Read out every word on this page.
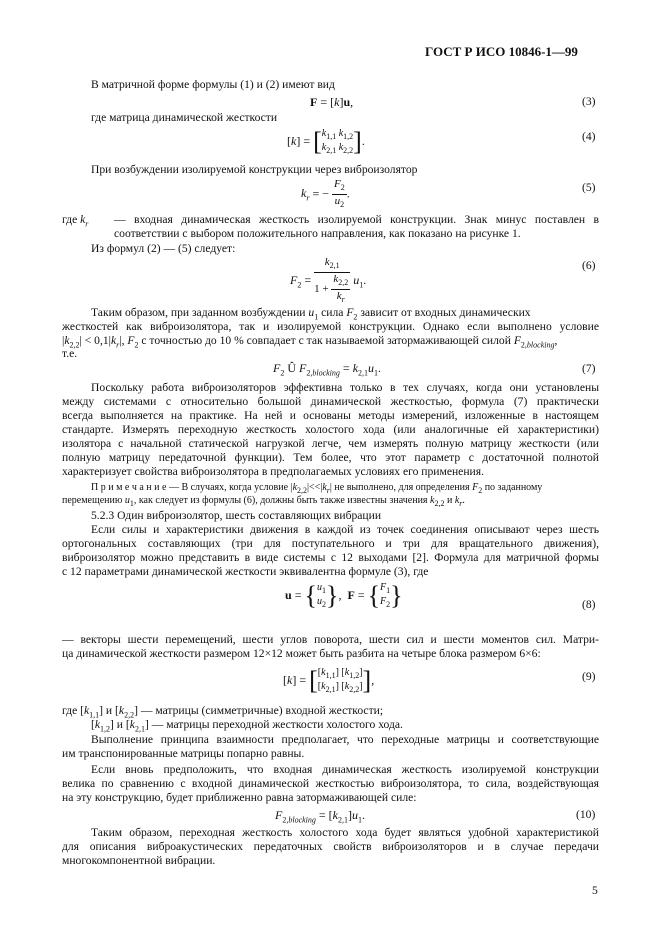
ГОСТ Р ИСО 10846-1—99
В матричной форме формулы (1) и (2) имеют вид
F = [k]u,	(3)
где матрица динамической жесткости
$[k] = [k_{1,1}$ $k_{1,2}$
$k_{2,1}$ $k_{2,2}$].	(4)
При возбуждении изолируемой конструкции через виброизолятор
$k_r$ = − $\frac{F_2}{u_2}$ .	(5)
где $k_r$ — входная динамическая жесткость изолируемой конструкции. Знак минус поставлен в
соответствии с выбором положительного направления, как показано на рисунке 1.
Из формул (2) — (5) следует:
$F_2 = \frac{k_{2,1}}{1 + \frac{k_{2,2}}{k_r}} u_1$.
(6)
Таким образом, при заданном возбуждении $u_1$ сила $F_2$ зависит от входных динамических
жесткостей как виброизолятора, так и изолируемой конструкции. Однако если выполнено условие
$|k_{2,2}| < 0,1|k_r|$, $F_2$ с точностью до 10 % совпадает с так называемой затормаживающей силой $F_{2,blocking}$,
т.е.
$F_2$ Û $F_{2,blocking} = k_{2,1}u_1$.	(7)
Поскольку работа виброизоляторов эффективна только в тех случаях, когда они установлены
между системами с относительно большой динамической жесткостью, формула (7) практически
всегда выполняется на практике. На ней и основаны методы измерений, изложенные в настоящем
стандарте. Измерять переходную жесткость холостого хода (или аналогичные ей характеристики)
изолятора с начальной статической нагрузкой легче, чем измерять полную матрицу жесткости (или
полную матрицу передаточной функции). Тем более, что этот параметр с достаточной полнотой
характеризует свойства виброизолятора в предполагаемых условиях его применения.
П р и м е ч а н и е — В случаях, когда условие $|k_{2,2}|<<|k_r|$ не выполнено, для определения $F_2$ по заданному
перемещению $u_1$, как следует из формулы (6), должны быть также известны значения $k_{2,2}$ и $k_r$.
5.2.3 Один виброизолятор, шесть составляющих вибрации
Если силы и характеристики движения в каждой из точек соединения описывают через шесть
ортогональных составляющих (три для поступательного и три для вращательного движения),
виброизолятор можно представить в виде системы с 12 выходами [2]. Формула для матричной формы
с 12 параметрами динамической жесткости эквивалентна формуле (3), где
$u = \{u_1$
$u_2$},  $F = \{F_1$
$F_2$}	(8)
— векторы шести перемещений, шести углов поворота, шести сил и шести моментов сил. Матри-
ца динамической жесткости размером 12×12 может быть разбита на четыре блока размером 6×6:
$[k] = [[k_{1,1}]$ $[k_{1,2}]$
$[k_{2,1}]$ $[k_{2,2}]$],	(9)
где $[k_{1,1}]$ и $[k_{2,2}]$ — матрицы (симметричные) входной жесткости;
$[k_{1,2}]$ и $[k_{2,1}]$ — матрицы переходной жесткости холостого хода.
Выполнение принципа взаимности предполагает, что переходные матрицы и соответствующие
им транспонированные матрицы попарно равны.
Если вновь предположить, что входная динамическая жесткость изолируемой конструкции
велика по сравнению с входной динамической жесткостью виброизолятора, то сила, воздействующая
на эту конструкцию, будет приближенно равна затормаживающей силе:
$F_{2,blocking} = [k_{2,1}]u_1$.	(10)
Таким образом, переходная жесткость холостого хода будет являться удобной характеристикой
для описания виброакустических передаточных свойств виброизоляторов и в случае передачи
многокомпонентной вибрации.
5
